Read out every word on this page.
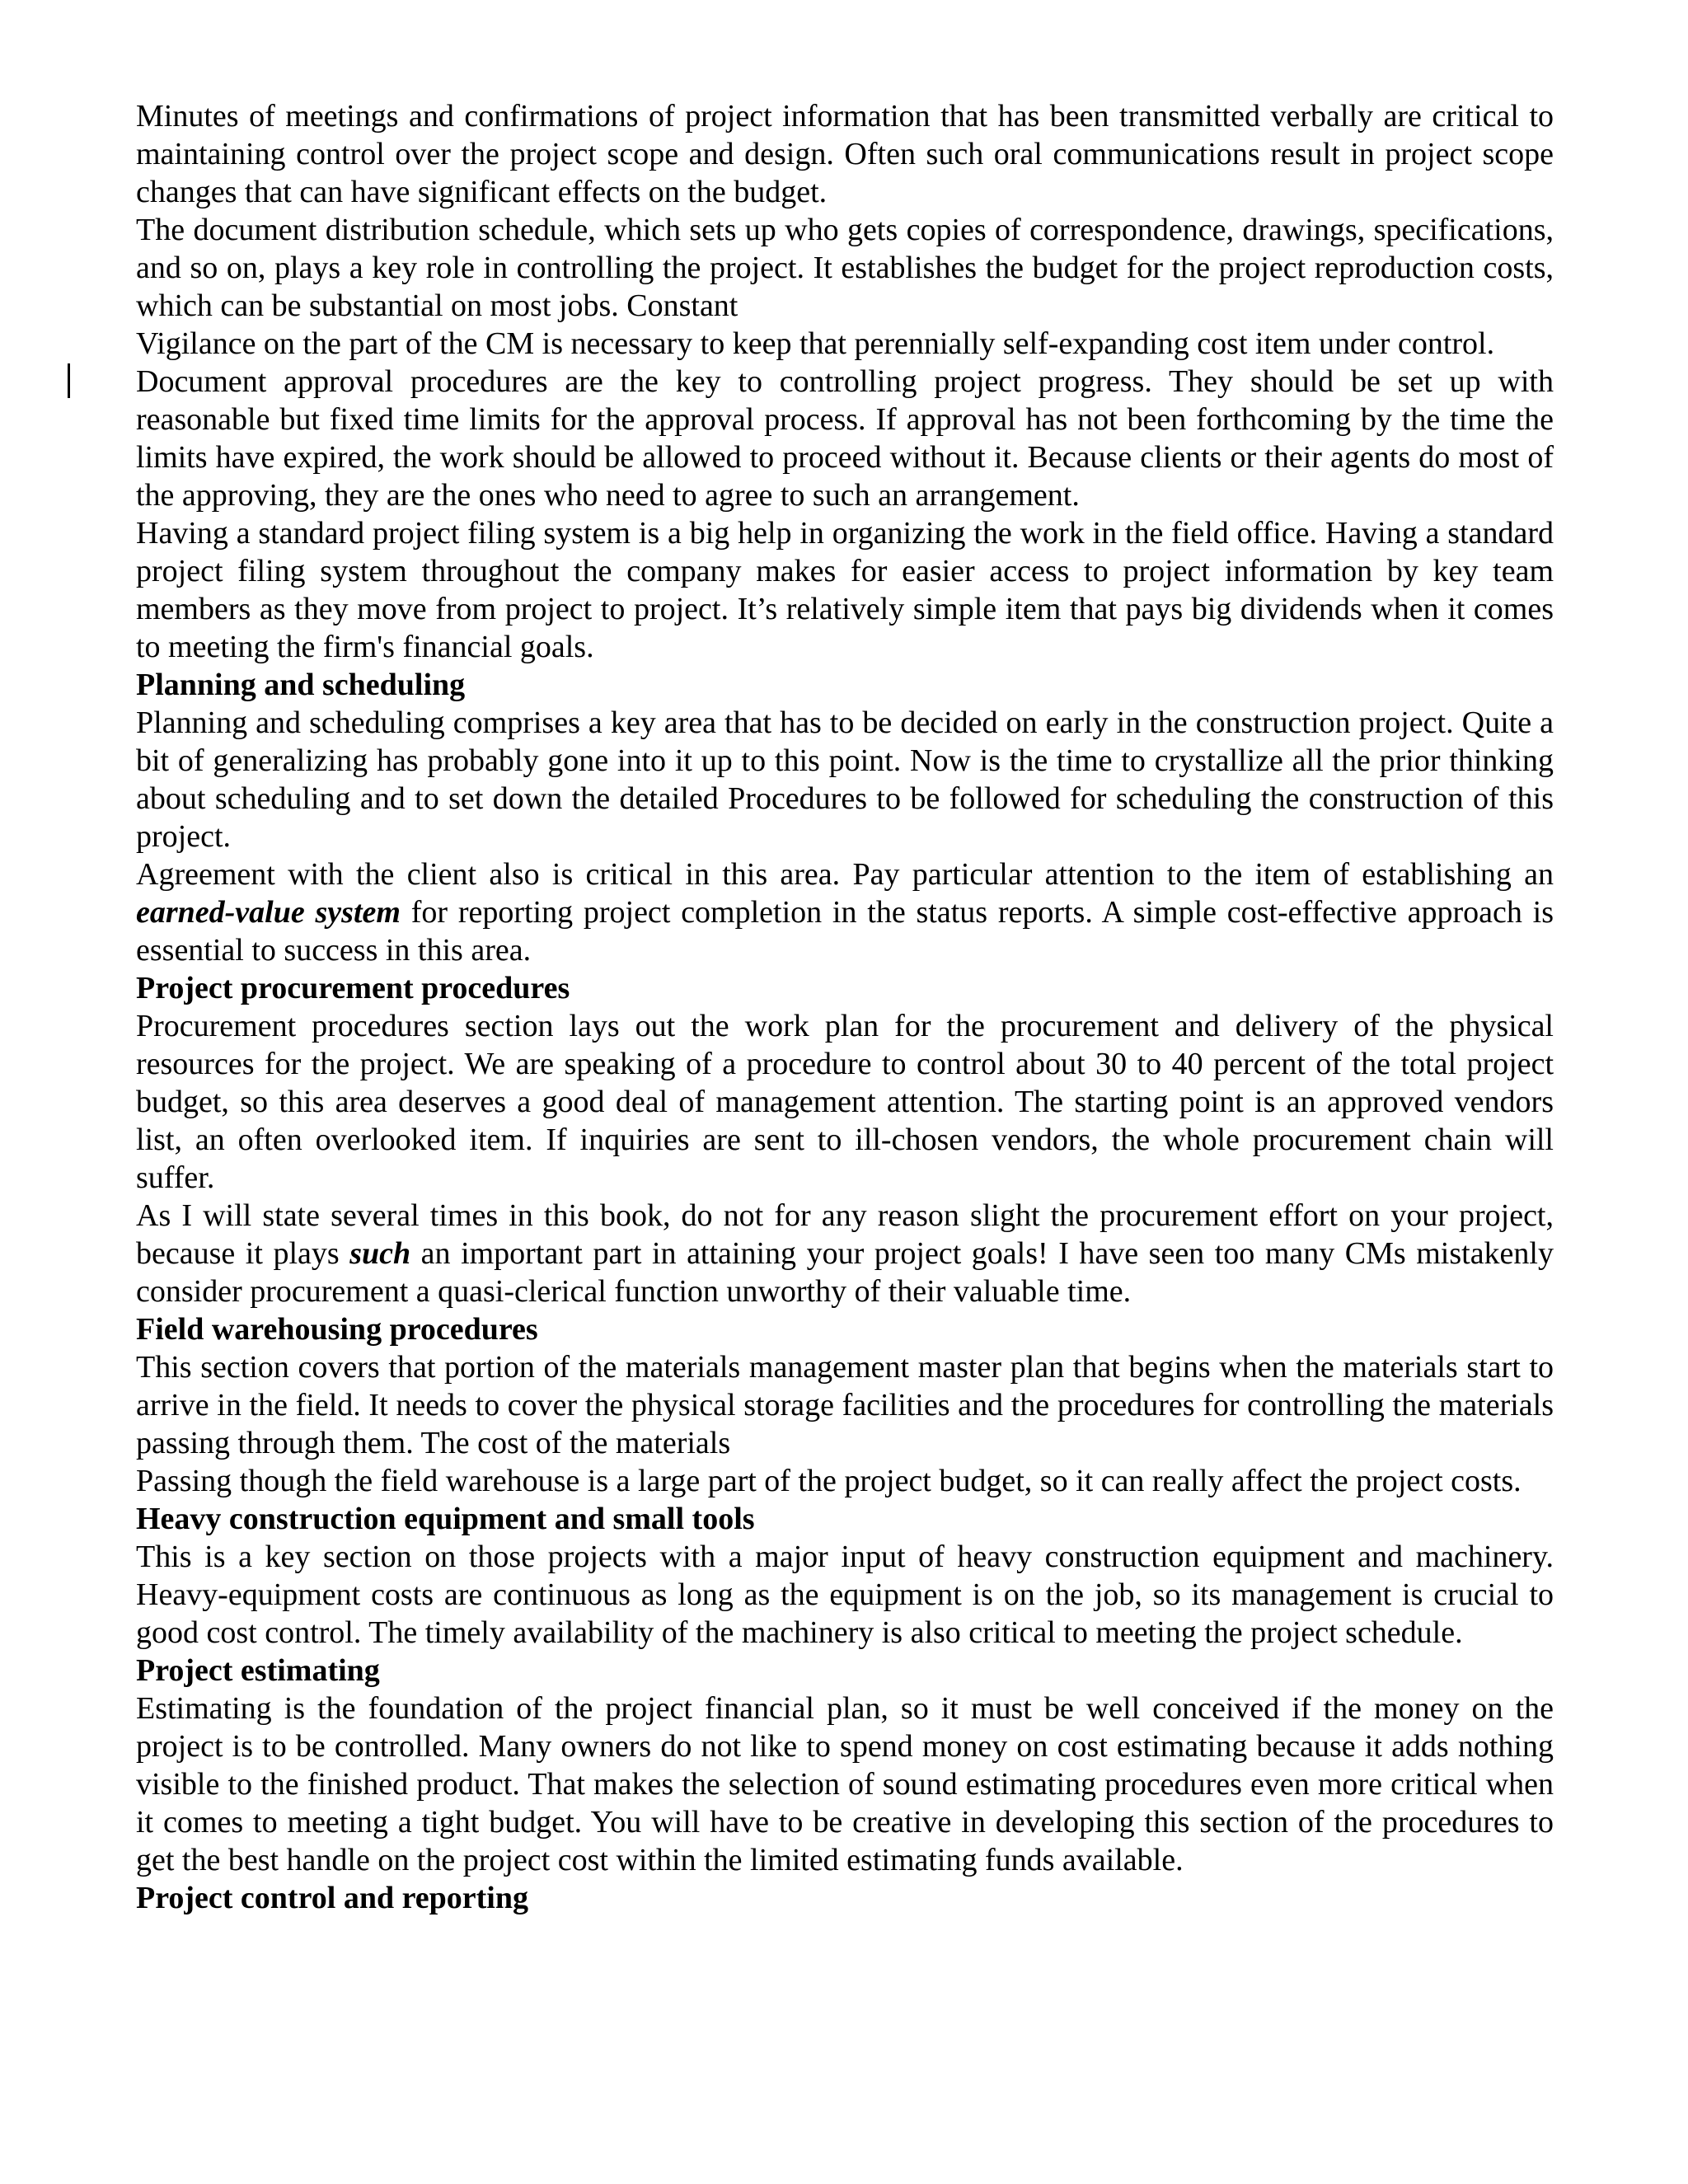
Minutes of meetings and confirmations of project information that has been transmitted verbally are critical to maintaining control over the project scope and design. Often such oral communications result in project scope changes that can have significant effects on the budget.

The document distribution schedule, which sets up who gets copies of correspondence, drawings, specifications, and so on, plays a key role in controlling the project. It establishes the budget for the project reproduction costs, which can be substantial on most jobs. Constant

Vigilance on the part of the CM is necessary to keep that perennially self-expanding cost item under control.

Document approval procedures are the key to controlling project progress. They should be set up with reasonable but fixed time limits for the approval process. If approval has not been forthcoming by the time the limits have expired, the work should be allowed to proceed without it. Because clients or their agents do most of the approving, they are the ones who need to agree to such an arrangement.

Having a standard project filing system is a big help in organizing the work in the field office. Having a standard project filing system throughout the company makes for easier access to project information by key team members as they move from project to project. It’s relatively simple item that pays big dividends when it comes to meeting the firm's financial goals.

Planning and scheduling

Planning and scheduling comprises a key area that has to be decided on early in the construction project. Quite a bit of generalizing has probably gone into it up to this point. Now is the time to crystallize all the prior thinking about scheduling and to set down the detailed Procedures to be followed for scheduling the construction of this project.

Agreement with the client also is critical in this area. Pay particular attention to the item of establishing an earned-value system for reporting project completion in the status reports. A simple cost-effective approach is essential to success in this area.

Project procurement procedures

Procurement procedures section lays out the work plan for the procurement and delivery of the physical resources for the project. We are speaking of a procedure to control about 30 to 40 percent of the total project budget, so this area deserves a good deal of management attention. The starting point is an approved vendors list, an often overlooked item. If inquiries are sent to ill-chosen vendors, the whole procurement chain will suffer.

As I will state several times in this book, do not for any reason slight the procurement effort on your project, because it plays such an important part in attaining your project goals! I have seen too many CMs mistakenly consider procurement a quasi-clerical function unworthy of their valuable time.

Field warehousing procedures

This section covers that portion of the materials management master plan that begins when the materials start to arrive in the field. It needs to cover the physical storage facilities and the procedures for controlling the materials passing through them. The cost of the materials

Passing though the field warehouse is a large part of the project budget, so it can really affect the project costs.

Heavy construction equipment and small tools

This is a key section on those projects with a major input of heavy construction equipment and machinery. Heavy-equipment costs are continuous as long as the equipment is on the job, so its management is crucial to good cost control. The timely availability of the machinery is also critical to meeting the project schedule.

Project estimating

Estimating is the foundation of the project financial plan, so it must be well conceived if the money on the project is to be controlled. Many owners do not like to spend money on cost estimating because it adds nothing visible to the finished product. That makes the selection of sound estimating procedures even more critical when it comes to meeting a tight budget. You will have to be creative in developing this section of the procedures to get the best handle on the project cost within the limited estimating funds available.

Project control and reporting
